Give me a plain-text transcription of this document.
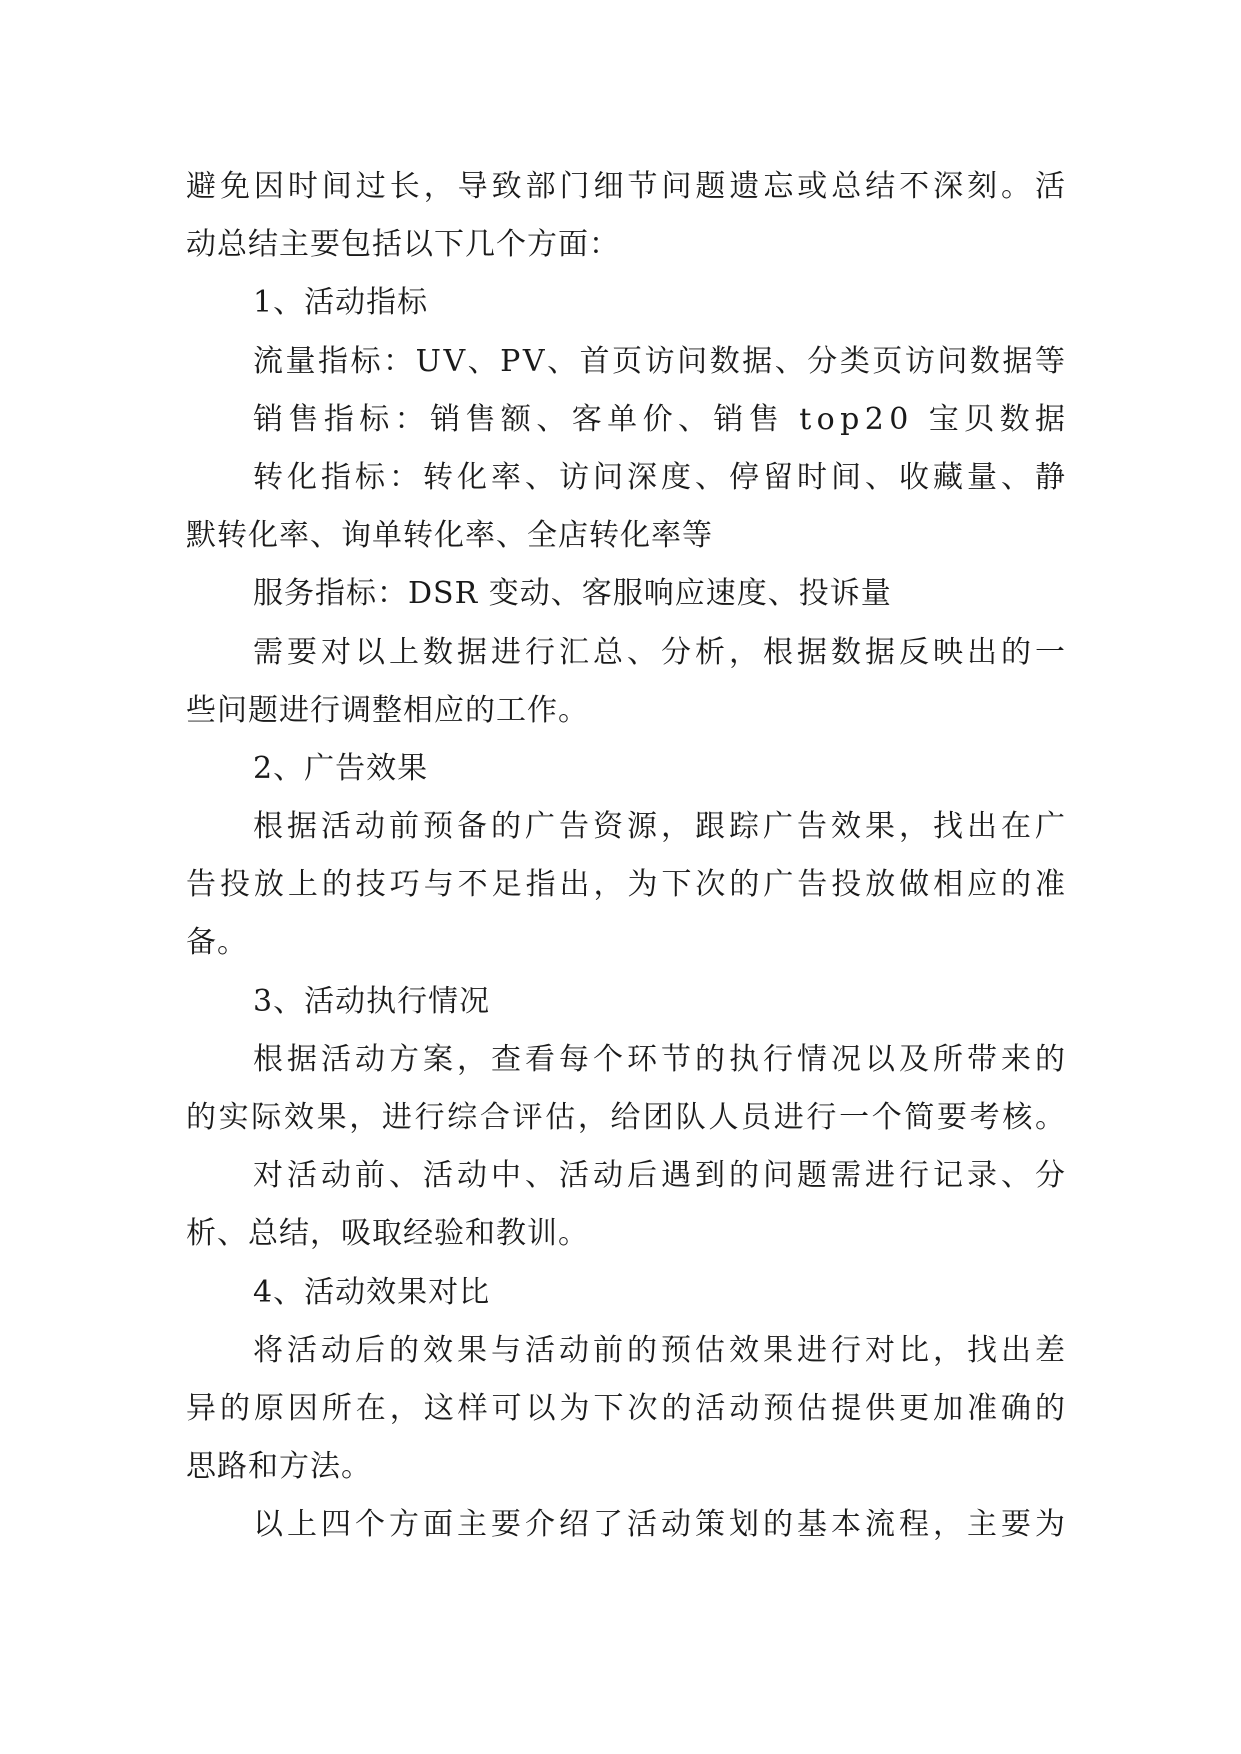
避免因时间过长，导致部门细节问题遗忘或总结不深刻。活
动总结主要包括以下几个方面：
1、活动指标
流量指标：UV、PV、首页访问数据、分类页访问数据等
销售指标：销售额、客单价、销售 top20 宝贝数据
转化指标：转化率、访问深度、停留时间、收藏量、静
默转化率、询单转化率、全店转化率等
服务指标：DSR 变动、客服响应速度、投诉量
需要对以上数据进行汇总、分析，根据数据反映出的一
些问题进行调整相应的工作。
2、广告效果
根据活动前预备的广告资源，跟踪广告效果，找出在广
告投放上的技巧与不足指出，为下次的广告投放做相应的准
备。
3、活动执行情况
根据活动方案，查看每个环节的执行情况以及所带来的
的实际效果，进行综合评估，给团队人员进行一个简要考核。
对活动前、活动中、活动后遇到的问题需进行记录、分
析、总结，吸取经验和教训。
4、活动效果对比
将活动后的效果与活动前的预估效果进行对比，找出差
异的原因所在，这样可以为下次的活动预估提供更加准确的
思路和方法。
以上四个方面主要介绍了活动策划的基本流程，主要为
